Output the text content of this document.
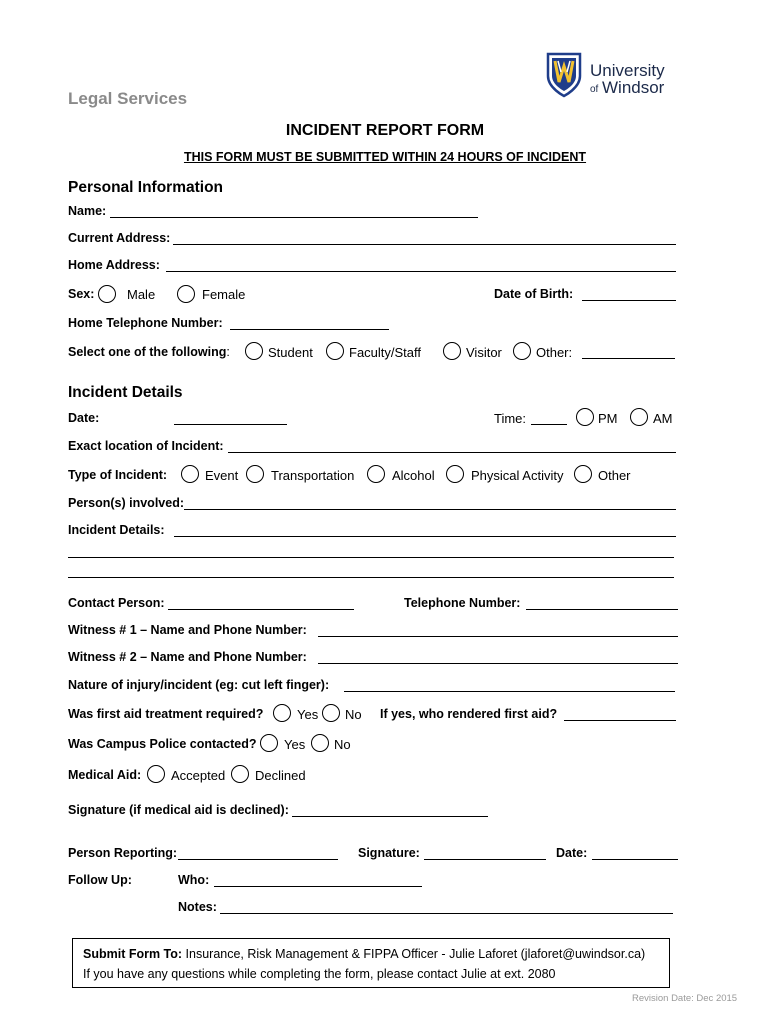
University
of Windsor
Legal Services
INCIDENT REPORT FORM
THIS FORM MUST BE SUBMITTED WITHIN 24 HOURS OF INCIDENT
Personal Information
Name:
Current Address:
Home Address:
Sex:	Male	Female	Date of Birth:
Home Telephone Number:
Select one of the following:	Student	Faculty/Staff	Visitor	Other:
Incident Details
Date:	Time:	PM	AM
Exact location of Incident:
Type of Incident:	Event	Transportation	Alcohol	Physical Activity	Other
Person(s) involved:
Incident Details:
Contact Person:	Telephone Number:
Witness # 1 – Name and Phone Number:
Witness # 2 – Name and Phone Number:
Nature of injury/incident (eg: cut left finger):
Was first aid treatment required?	Yes No If yes, who rendered first aid?
Was Campus Police contacted? Yes No
Medical Aid: Accepted Declined
Signature (if medical aid is declined):
Person Reporting:	Signature:	Date:
Follow Up:	Who:
Notes:
Submit Form To: Insurance, Risk Management & FIPPA Officer - Julie Laforet (jlaforet@uwindsor.ca)
If you have any questions while completing the form, please contact Julie at ext. 2080
Revision Date: Dec 2015
